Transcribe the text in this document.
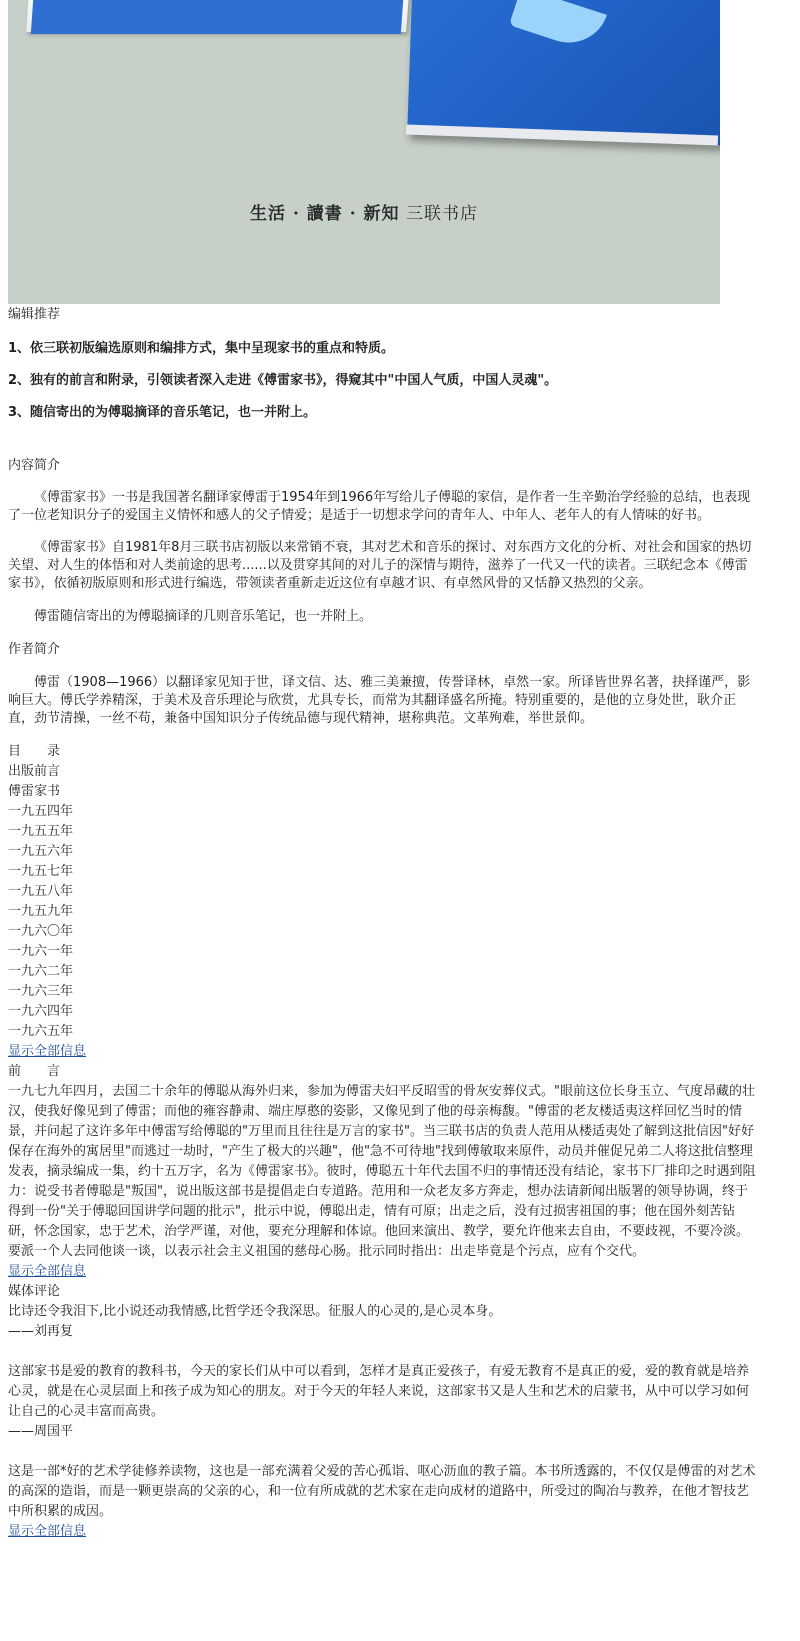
生活 · 讀書 · 新知 三联书店

编辑推荐

1、依三联初版编选原则和编排方式，集中呈现家书的重点和特质。

2、独有的前言和附录，引领读者深入走进《傅雷家书》，得窥其中"中国人气质，中国人灵魂"。

3、随信寄出的为傅聪摘译的音乐笔记，也一并附上。

内容简介

《傅雷家书》一书是我国著名翻译家傅雷于1954年到1966年写给儿子傅聪的家信，是作者一生辛勤治学经验的总结，也表现了一位老知识分子的爱国主义情怀和感人的父子情爱；是适于一切想求学问的青年人、中年人、老年人的有人情味的好书。

《傅雷家书》自1981年8月三联书店初版以来常销不衰，其对艺术和音乐的探讨、对东西方文化的分析、对社会和国家的热切关望、对人生的体悟和对人类前途的思考......以及贯穿其间的对儿子的深情与期待，滋养了一代又一代的读者。三联纪念本《傅雷家书》，依循初版原则和形式进行编选，带领读者重新走近这位有卓越才识、有卓然风骨的又恬静又热烈的父亲。

傅雷随信寄出的为傅聪摘译的几则音乐笔记，也一并附上。

作者简介

傅雷（1908—1966）以翻译家见知于世，译文信、达、雅三美兼擅，传誉译林，卓然一家。所译皆世界名著，抉择谨严，影响巨大。傅氏学养精深，于美术及音乐理论与欣赏，尤具专长，而常为其翻译盛名所掩。特别重要的，是他的立身处世，耿介正直，劲节清操，一丝不苟，兼备中国知识分子传统品德与现代精神，堪称典范。文革殉难，举世景仰。

目　　录

出版前言

傅雷家书

一九五四年

一九五五年

一九五六年

一九五七年

一九五八年

一九五九年

一九六〇年

一九六一年

一九六二年

一九六三年

一九六四年

一九六五年

显示全部信息

前　　言

一九七九年四月，去国二十余年的傅聪从海外归来，参加为傅雷夫妇平反昭雪的骨灰安葬仪式。"眼前这位长身玉立、气度昂藏的壮汉，使我好像见到了傅雷；而他的雍容静肃、端庄厚憨的姿影，又像见到了他的母亲梅馥。"傅雷的老友楼适夷这样回忆当时的情景，并问起了这许多年中傅雷写给傅聪的"万里而且往往是万言的家书"。当三联书店的负责人范用从楼适夷处了解到这批信因"好好保存在海外的寓居里"而逃过一劫时，"产生了极大的兴趣"，他"急不可待地"找到傅敏取来原件，动员并催促兄弟二人将这批信整理发表，摘录编成一集，约十五万字，名为《傅雷家书》。彼时，傅聪五十年代去国不归的事情还没有结论，家书下厂排印之时遇到阻力：说受书者傅聪是"叛国"，说出版这部书是提倡走白专道路。范用和一众老友多方奔走，想办法请新闻出版署的领导协调，终于得到一份"关于傅聪回国讲学问题的批示"，批示中说，傅聪出走，情有可原；出走之后，没有过损害祖国的事；他在国外刻苦钻研，怀念国家，忠于艺术，治学严谨，对他，要充分理解和体谅。他回来演出、教学，要允许他来去自由，不要歧视，不要冷淡。要派一个人去同他谈一谈，以表示社会主义祖国的慈母心肠。批示同时指出：出走毕竟是个污点，应有个交代。

显示全部信息

媒体评论

比诗还令我泪下,比小说还动我情感,比哲学还令我深思。征服人的心灵的,是心灵本身。

——刘再复

这部家书是爱的教育的教科书，今天的家长们从中可以看到，怎样才是真正爱孩子，有爱无教育不是真正的爱，爱的教育就是培养心灵，就是在心灵层面上和孩子成为知心的朋友。对于今天的年轻人来说，这部家书又是人生和艺术的启蒙书，从中可以学习如何让自己的心灵丰富而高贵。

——周国平

这是一部*好的艺术学徒修养读物，这也是一部充满着父爱的苦心孤诣、呕心沥血的教子篇。本书所透露的，不仅仅是傅雷的对艺术的高深的造诣，而是一颗更崇高的父亲的心，和一位有所成就的艺术家在走向成材的道路中，所受过的陶冶与教养，在他才智技艺中所积累的成因。

显示全部信息
